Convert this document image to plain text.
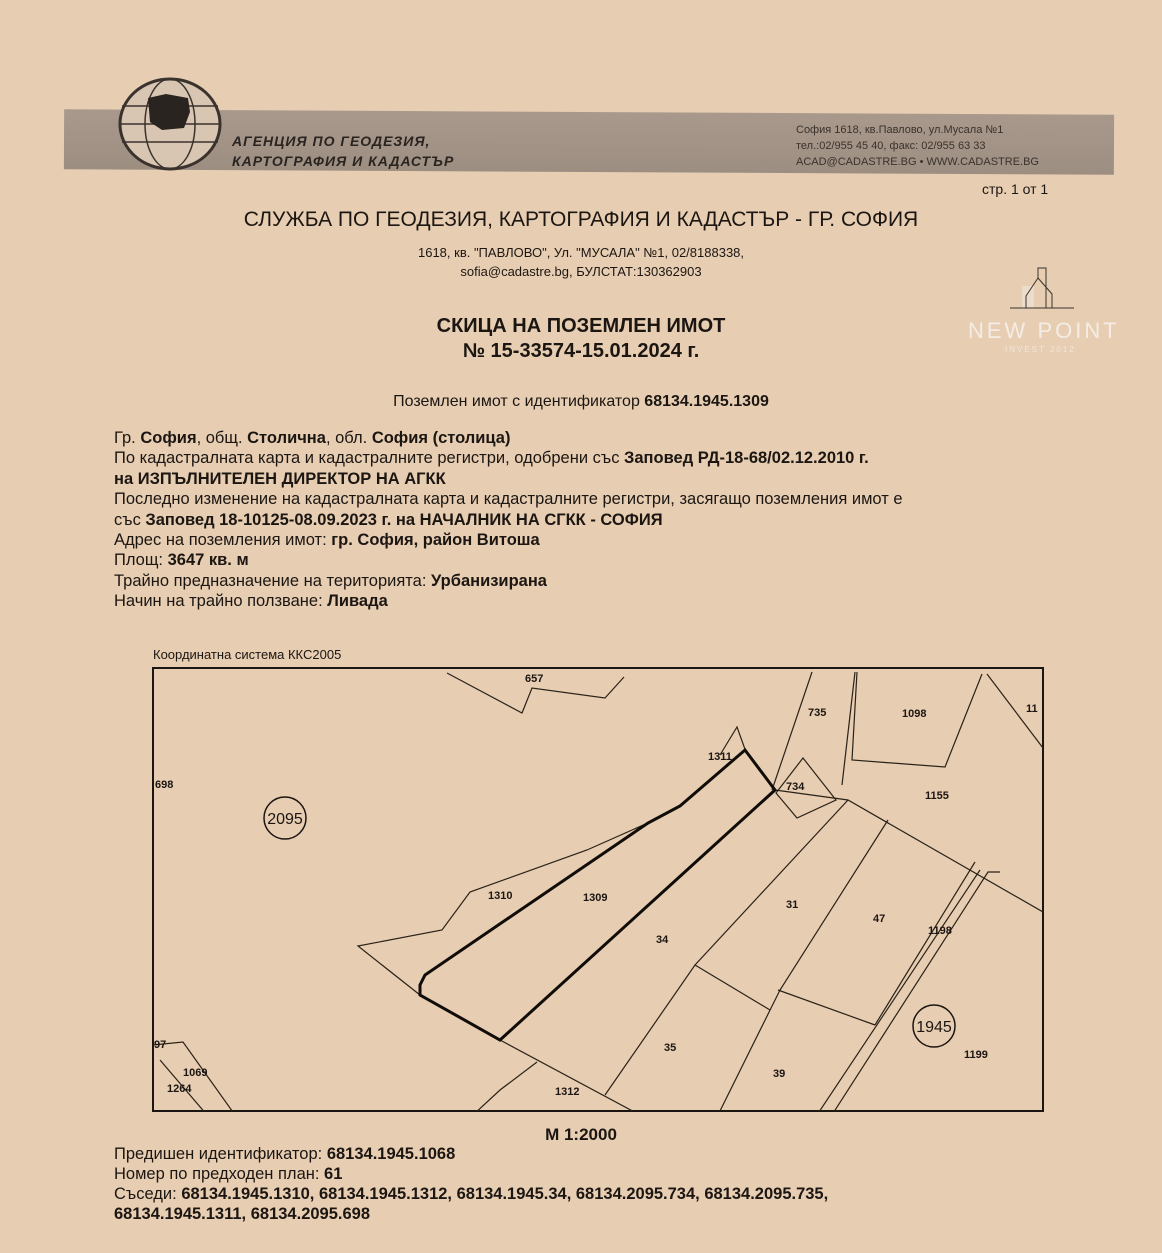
АГЕНЦИЯ ПО ГЕОДЕЗИЯ,
КАРТОГРАФИЯ И КАДАСТЪР
София 1618, кв.Павлово, ул.Мусала №1
тел.:02/955 45 40, факс: 02/955 63 33
ACAD@CADASTRE.BG • WWW.CADASTRE.BG
стр. 1 от 1
СЛУЖБА ПО ГЕОДЕЗИЯ, КАРТОГРАФИЯ И КАДАСТЪР - ГР. СОФИЯ
1618, кв. "ПАВЛОВО", Ул. "МУСАЛА" №1, 02/8188338,
sofia@cadastre.bg, БУЛСТАТ:130362903
NEW POINT
INVEST 2012
СКИЦА НА ПОЗЕМЛЕН ИМОТ
№ 15-33574-15.01.2024 г.
Поземлен имот с идентификатор 68134.1945.1309
Гр. София, общ. Столична, обл. София (столица)
По кадастралната карта и кадастралните регистри, одобрени със Заповед РД-18-68/02.12.2010 г.
на ИЗПЪЛНИТЕЛЕН ДИРЕКТОР НА АГКК
Последно изменение на кадастралната карта и кадастралните регистри, засягащо поземления имот е
със Заповед 18-10125-08.09.2023 г. на НАЧАЛНИК НА СГКК - СОФИЯ
Адрес на поземления имот: гр. София, район Витоша
Площ: 3647 кв. м
Трайно предназначение на територията: Урбанизирана
Начин на трайно ползване: Ливада
Координатна система ККС2005
2095
1945
657
735	1098	11
698
1311
734
1155
1310	1309
34
31
47
1198
35
39
1199
1312
1069
1264
97
М 1:2000
Предишен идентификатор: 68134.1945.1068
Номер по предходен план: 61
Съседи: 68134.1945.1310, 68134.1945.1312, 68134.1945.34, 68134.2095.734, 68134.2095.735,
68134.1945.1311, 68134.2095.698
